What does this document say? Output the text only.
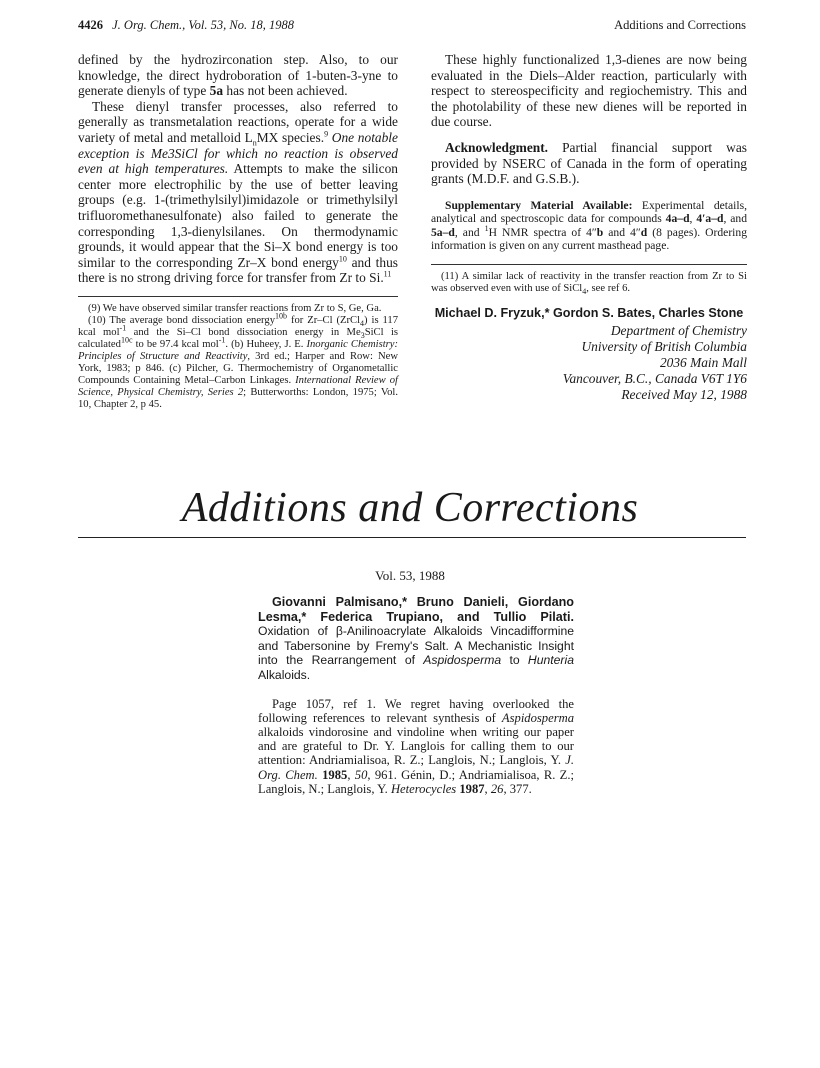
4426 J. Org. Chem., Vol. 53, No. 18, 1988	Additions and Corrections

defined by the hydrozirconation step. Also, to our knowledge, the direct hydroboration of 1-buten-3-yne to generate dienyls of type 5a has not been achieved.

These dienyl transfer processes, also referred to generally as transmetalation reactions, operate for a wide variety of metal and metalloid $L_nMX$ species.$^9$ One notable exception is Me3SiCl for which no reaction is observed even at high temperatures. Attempts to make the silicon center more electrophilic by the use of better leaving groups (e.g. 1-(trimethylsilyl)imidazole or trimethylsilyl trifluoromethanesulfonate) also failed to generate the corresponding 1,3-dienylsilanes. On thermodynamic grounds, it would appear that the Si–X bond energy is too similar to the corresponding Zr–X bond energy$^{10}$ and thus there is no strong driving force for transfer from Zr to Si.$^{11}$

(9) We have observed similar transfer reactions from Zr to S, Ge, Ga.

(10) The average bond dissociation energy$^{10b}$ for Zr–Cl (ZrCl$_4$) is 117 kcal mol$^{-1}$ and the Si–Cl bond dissociation energy in $Me_3SiCl$ is calculated$^{10c}$ to be 97.4 kcal mol$^{-1}$. (b) Huheey, J. E. Inorganic Chemistry: Principles of Structure and Reactivity, 3rd ed.; Harper and Row: New York, 1983; p 846. (c) Pilcher, G. Thermochemistry of Organometallic Compounds Containing Metal–Carbon Linkages. International Review of Science, Physical Chemistry, Series 2; Butterworths: London, 1975; Vol. 10, Chapter 2, p 45.

These highly functionalized 1,3-dienes are now being evaluated in the Diels–Alder reaction, particularly with respect to stereospecificity and regiochemistry. This and the photolability of these new dienes will be reported in due course.

Acknowledgment. Partial financial support was provided by NSERC of Canada in the form of operating grants (M.D.F. and G.S.B.).

Supplementary Material Available: Experimental details, analytical and spectroscopic data for compounds 4a–d, 4′a–d, and 5a–d, and $^1$H NMR spectra of 4″b and 4″d (8 pages). Ordering information is given on any current masthead page.

(11) A similar lack of reactivity in the transfer reaction from Zr to Si was observed even with use of SiCl$_4$, see ref 6.

Michael D. Fryzuk,* Gordon S. Bates, Charles Stone
Department of Chemistry
University of British Columbia
2036 Main Mall
Vancouver, B.C., Canada V6T 1Y6
Received May 12, 1988
Additions and Corrections
Vol. 53, 1988

Giovanni Palmisano,* Bruno Danieli, Giordano Lesma,* Federica Trupiano, and Tullio Pilati. Oxidation of β-Anilinoacrylate Alkaloids Vincadifformine and Tabersonine by Fremy's Salt. A Mechanistic Insight into the Rearrangement of Aspidosperma to Hunteria Alkaloids.

Page 1057, ref 1. We regret having overlooked the following references to relevant synthesis of Aspidosperma alkaloids vindorosine and vindoline when writing our paper and are grateful to Dr. Y. Langlois for calling them to our attention: Andriamialisoa, R. Z.; Langlois, N.; Langlois, Y. J. Org. Chem. 1985, 50, 961. Génin, D.; Andriamialisoa, R. Z.; Langlois, N.; Langlois, Y. Heterocycles 1987, 26, 377.
